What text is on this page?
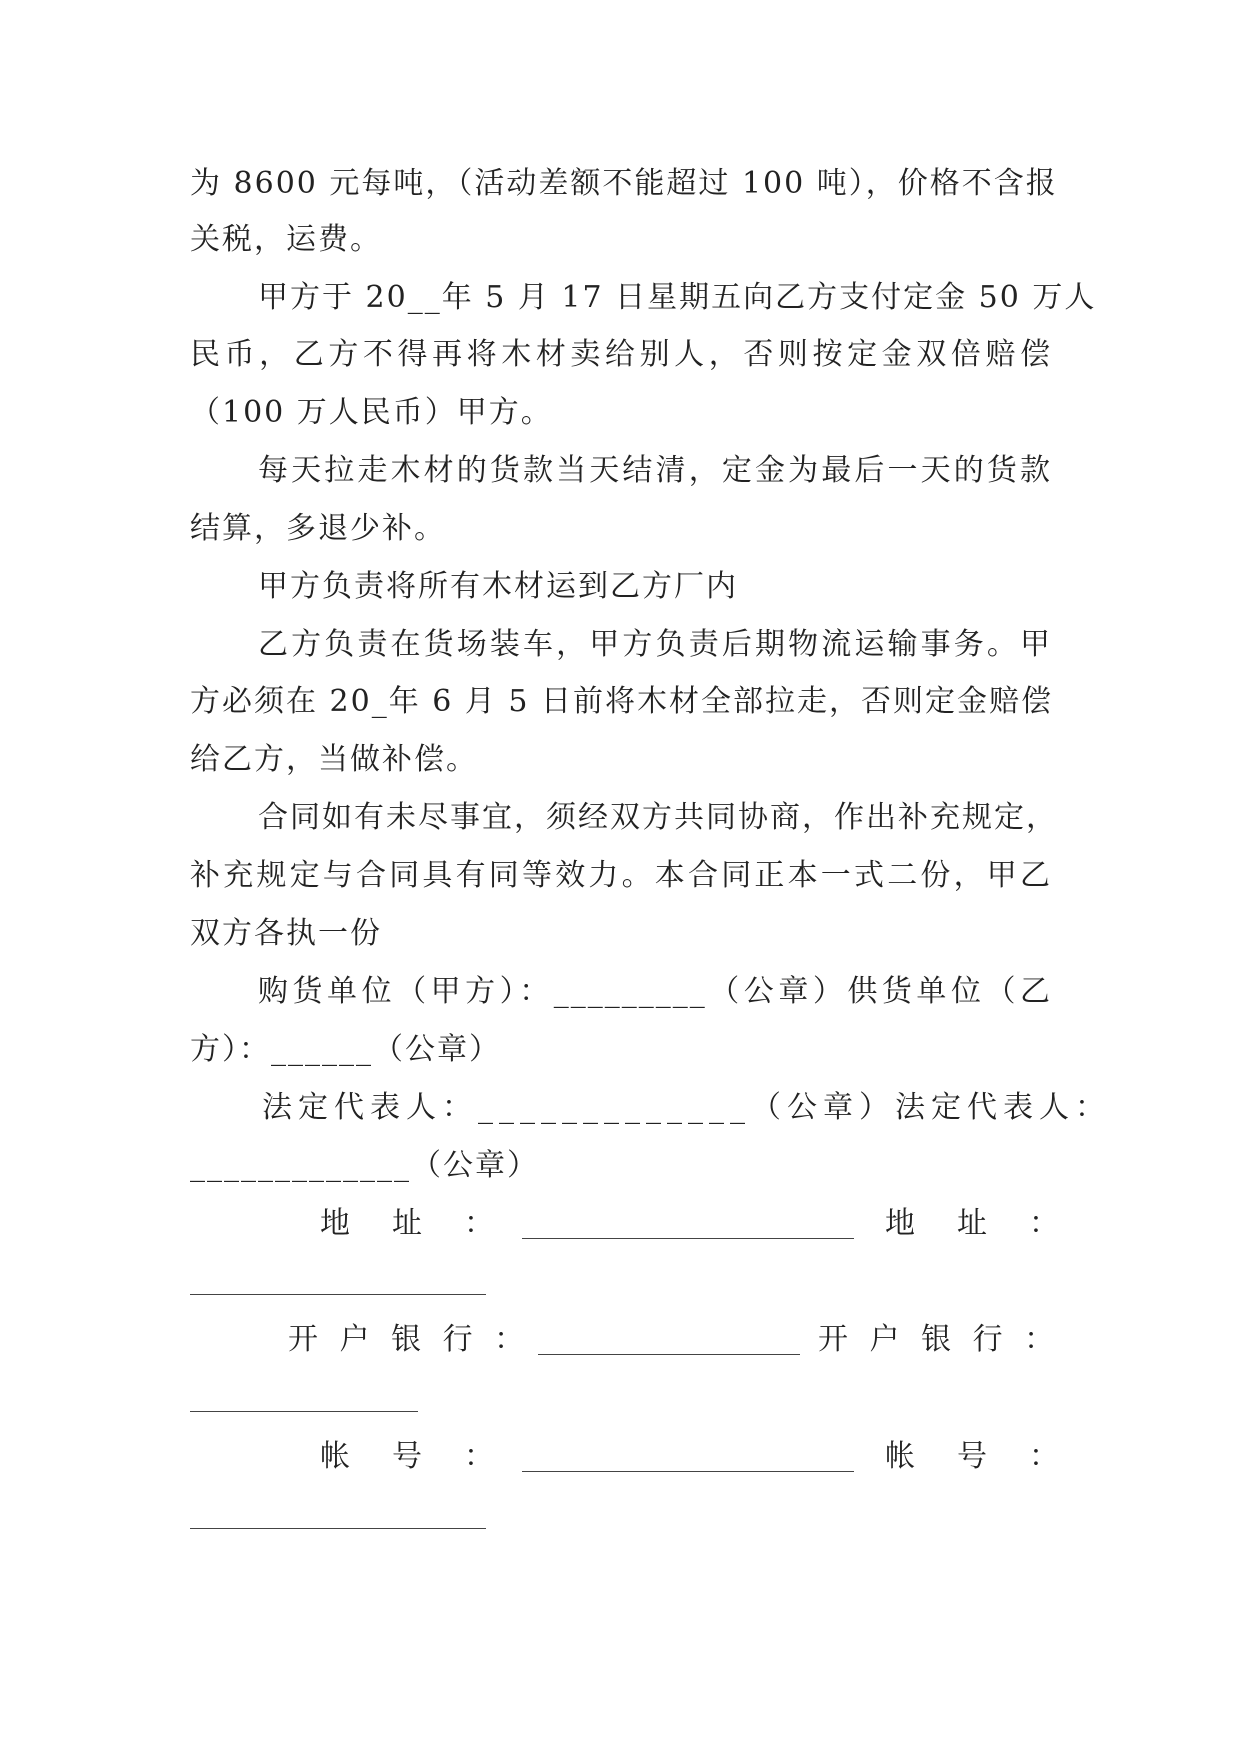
为 8600 元每吨，（活动差额不能超过 100 吨），价格不含报
关税，运费。
甲方于 20__年 5 月 17 日星期五向乙方支付定金 50 万人
民币，乙方不得再将木材卖给别人，否则按定金双倍赔偿
（100 万人民币）甲方。
每天拉走木材的货款当天结清，定金为最后一天的货款
结算，多退少补。
甲方负责将所有木材运到乙方厂内
乙方负责在货场装车，甲方负责后期物流运输事务。甲
方必须在 20_年 6 月 5 日前将木材全部拉走，否则定金赔偿
给乙方，当做补偿。
合同如有未尽事宜，须经双方共同协商，作出补充规定，
补充规定与合同具有同等效力。本合同正本一式二份，甲乙
双方各执一份
购货单位（甲方）：_________（公章）供货单位（乙
方）：______（公章）
法定代表人：_____________（公章）法定代表人：
_____________（公章）
地　址　：	地　址　：
开 户 银 行 ：	开 户 银 行 ：
帐　号　：	帐　号　：
